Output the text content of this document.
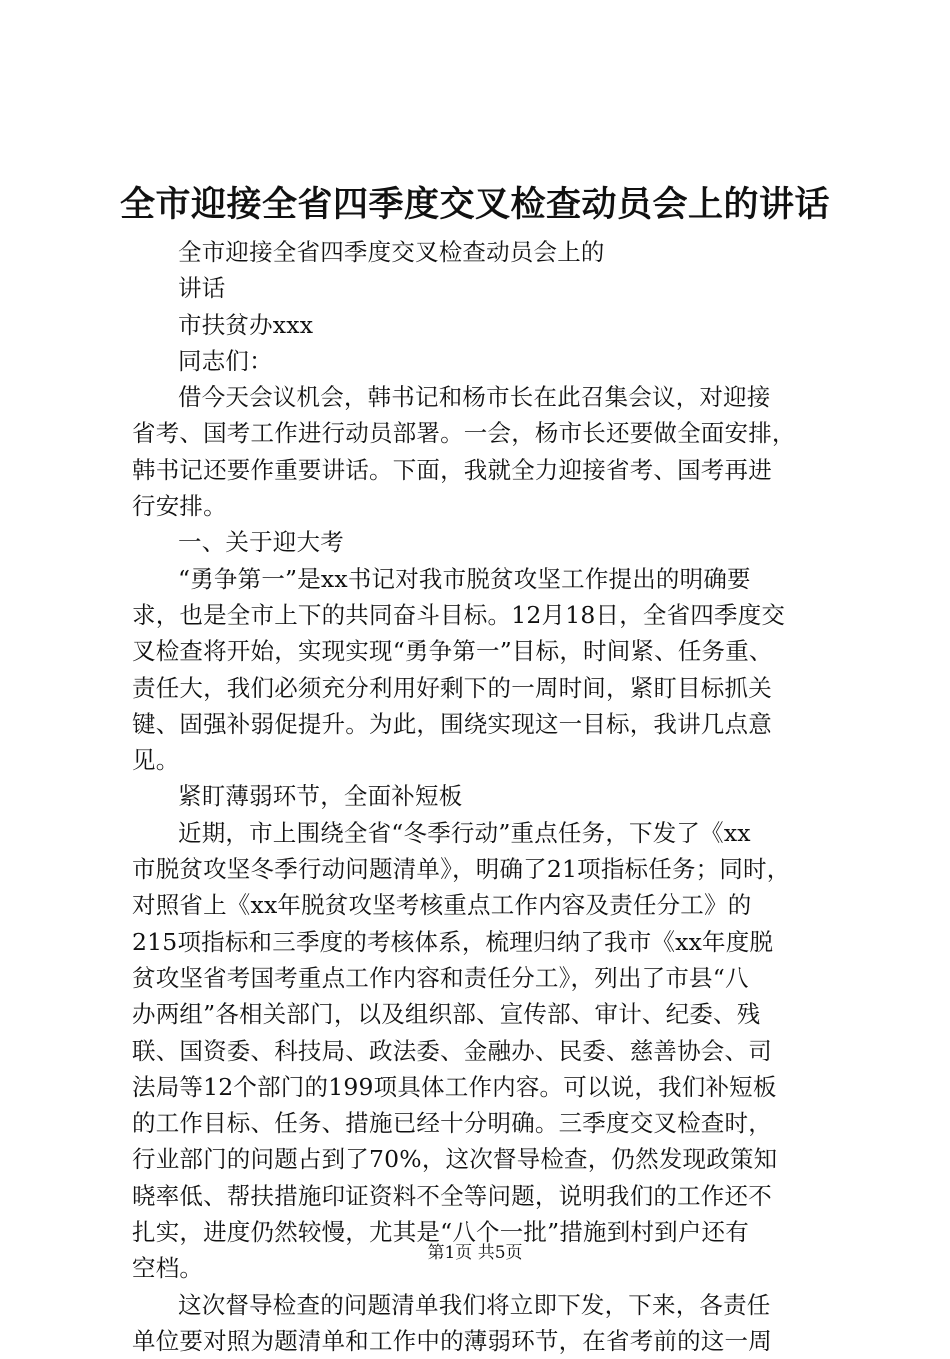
全市迎接全省四季度交叉检查动员会上的讲话
全市迎接全省四季度交叉检查动员会上的
讲话
市扶贫办xxx
同志们：
借今天会议机会，韩书记和杨市长在此召集会议，对迎接
省考、国考工作进行动员部署。一会，杨市长还要做全面安排，
韩书记还要作重要讲话。下面，我就全力迎接省考、国考再进
行安排。
一、关于迎大考
“勇争第一”是xx书记对我市脱贫攻坚工作提出的明确要
求，也是全市上下的共同奋斗目标。12月18日，全省四季度交
叉检查将开始，实现实现“勇争第一”目标，时间紧、任务重、
责任大，我们必须充分利用好剩下的一周时间，紧盯目标抓关
键、固强补弱促提升。为此，围绕实现这一目标，我讲几点意
见。
紧盯薄弱环节，全面补短板
近期，市上围绕全省“冬季行动”重点任务，下发了《xx
市脱贫攻坚冬季行动问题清单》，明确了21项指标任务；同时，
对照省上《xx年脱贫攻坚考核重点工作内容及责任分工》的
215项指标和三季度的考核体系，梳理归纳了我市《xx年度脱
贫攻坚省考国考重点工作内容和责任分工》，列出了市县“八
办两组”各相关部门，以及组织部、宣传部、审计、纪委、残
联、国资委、科技局、政法委、金融办、民委、慈善协会、司
法局等12个部门的199项具体工作内容。可以说，我们补短板
的工作目标、任务、措施已经十分明确。三季度交叉检查时，
行业部门的问题占到了70%，这次督导检查，仍然发现政策知
晓率低、帮扶措施印证资料不全等问题，说明我们的工作还不
扎实，进度仍然较慢，尤其是“八个一批”措施到村到户还有
空档。
这次督导检查的问题清单我们将立即下发，下来，各责任
单位要对照为题清单和工作中的薄弱环节，在省考前的这一周
第1页 共5页
